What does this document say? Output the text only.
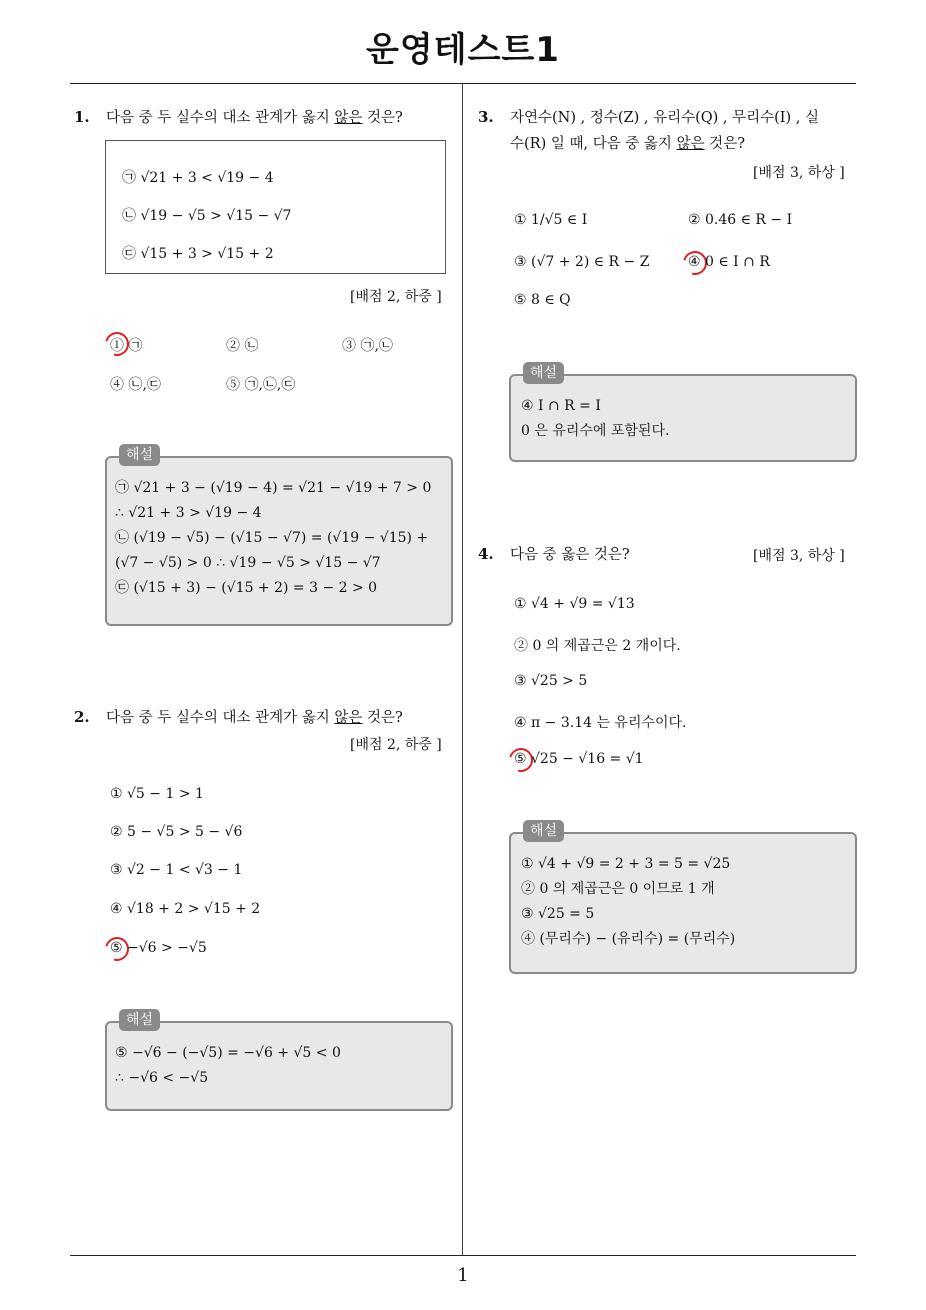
운영테스트1
1. 다음 중 두 실수의 대소 관계가 옳지 않은 것은?
㉠ √21 + 3 < √19 − 4
㉡ √19 − √5 > √15 − √7
㉢ √15 + 3 > √15 + 2
[배점 2, 하중 ]
① ㉠	② ㉡	③ ㉠,㉡
④ ㉡,㉢	⑤ ㉠,㉡,㉢
㉠ √21 + 3 − (√19 − 4) = √21 − √19 + 7 > 0
∴ √21 + 3 > √19 − 4
㉡ (√19 − √5) − (√15 − √7) = (√19 − √15) +
(√7 − √5) > 0 ∴ √19 − √5 > √15 − √7
㉢ (√15 + 3) − (√15 + 2) = 3 − 2 > 0
해설
2. 다음 중 두 실수의 대소 관계가 옳지 않은 것은?
[배점 2, 하중 ]
① √5 − 1 > 1
② 5 − √5 > 5 − √6
③ √2 − 1 < √3 − 1
④ √18 + 2 > √15 + 2
⑤ −√6 > −√5
⑤ −√6 − (−√5) = −√6 + √5 < 0
∴ −√6 < −√5
해설
3. 자연수(N) , 정수(Z) , 유리수(Q) , 무리수(I) , 실
수(R) 일 때, 다음 중 옳지 않은 것은?
[배점 3, 하상 ]
① 1/√5 ∈ I	② 0.4̇6̇ ∈ R − I
③ (√7 + 2) ∈ R − Z	④ 0 ∈ I ∩ R
⑤ 8 ∈ Q
④ I ∩ R = I
0 은 유리수에 포함된다.
해설
4. 다음 중 옳은 것은?	[배점 3, 하상 ]
① √4 + √9 = √13
② 0 의 제곱근은 2 개이다.
③ √25 > 5
④ π − 3.14 는 유리수이다.
⑤ √25 − √16 = √1
① √4 + √9 = 2 + 3 = 5 = √25
② 0 의 제곱근은 0 이므로 1 개
③ √25 = 5
④ (무리수) − (유리수) = (무리수)
해설
1
